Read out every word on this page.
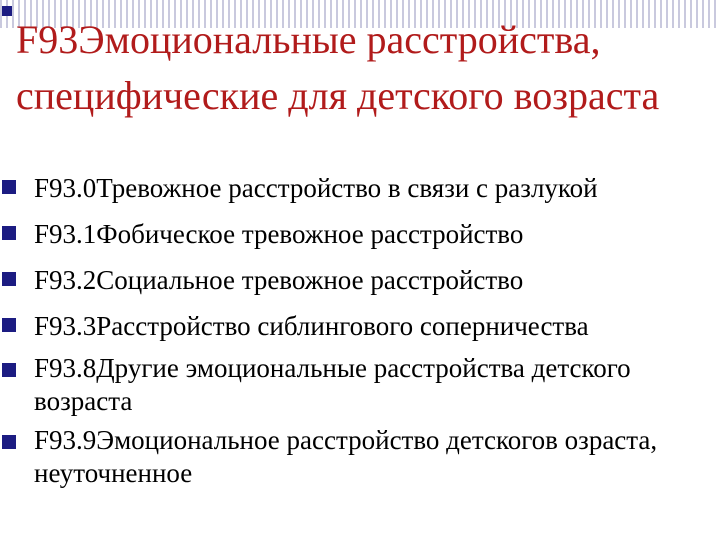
F93Эмоциональные расстройства, специфические для детского возраста
F93.0Тревожное расстройство в связи с разлукой
F93.1Фобическое тревожное расстройство
F93.2Социальное тревожное расстройство
F93.3Расстройство сиблингового соперничества
F93.8Другие эмоциональные расстройства детского возраста
F93.9Эмоциональное расстройство детскогов озраста, неуточненное
